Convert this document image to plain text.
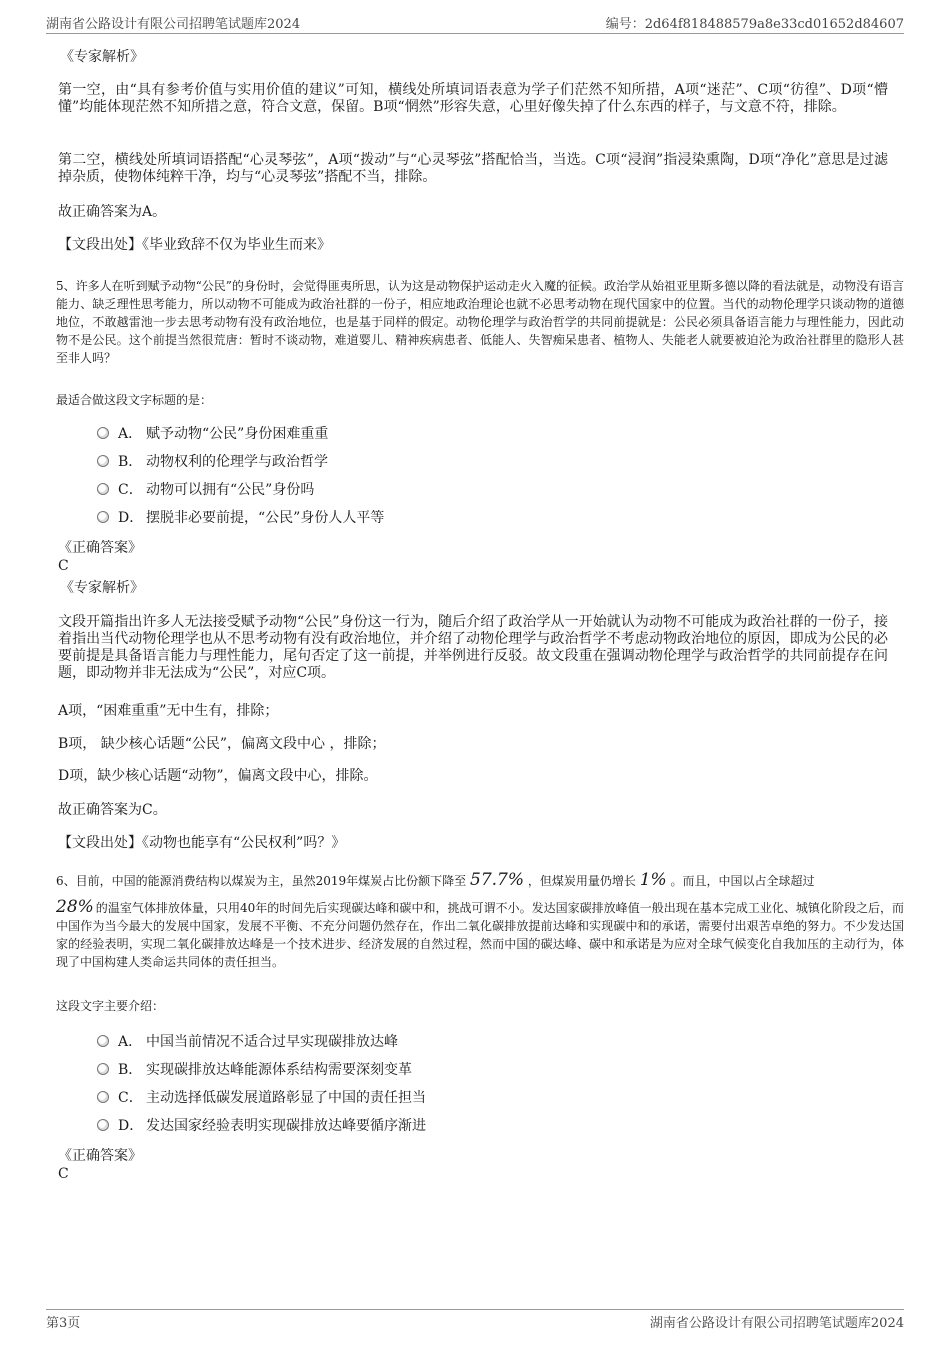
湖南省公路设计有限公司招聘笔试题库2024	编号：2d64f818488579a8e33cd01652d84607
《专家解析》
第一空，由“具有参考价值与实用价值的建议”可知，横线处所填词语表意为学子们茫然不知所措，A项“迷茫”、C项“彷徨”、D项“懵懂”均能体现茫然不知所措之意，符合文意，保留。B项“惘然”形容失意，心里好像失掉了什么东西的样子，与文意不符，排除。
第二空，横线处所填词语搭配“心灵琴弦”，A项“拨动”与“心灵琴弦”搭配恰当，当选。C项“浸润”指浸染熏陶，D项“净化”意思是过滤掉杂质，使物体纯粹干净，均与“心灵琴弦”搭配不当，排除。
故正确答案为A。
【文段出处】《毕业致辞不仅为毕业生而来》
5、许多人在听到赋予动物“公民”的身份时，会觉得匪夷所思，认为这是动物保护运动走火入魔的征候。政治学从始祖亚里斯多德以降的看法就是，动物没有语言能力、缺乏理性思考能力，所以动物不可能成为政治社群的一份子，相应地政治理论也就不必思考动物在现代国家中的位置。当代的动物伦理学只谈动物的道德地位，不敢越雷池一步去思考动物有没有政治地位，也是基于同样的假定。动物伦理学与政治哲学的共同前提就是：公民必须具备语言能力与理性能力，因此动物不是公民。这个前提当然很荒唐：暂时不谈动物，难道婴儿、精神疾病患者、低能人、失智痴呆患者、植物人、失能老人就要被迫沦为政治社群里的隐形人甚至非人吗？
最适合做这段文字标题的是：
A． 赋予动物“公民”身份困难重重
B． 动物权利的伦理学与政治哲学
C． 动物可以拥有“公民”身份吗
D． 摆脱非必要前提，“公民”身份人人平等
《正确答案》
C
《专家解析》
文段开篇指出许多人无法接受赋予动物“公民”身份这一行为，随后介绍了政治学从一开始就认为动物不可能成为政治社群的一份子，接着指出当代动物伦理学也从不思考动物有没有政治地位，并介绍了动物伦理学与政治哲学不考虑动物政治地位的原因，即成为公民的必要前提是具备语言能力与理性能力，尾句否定了这一前提，并举例进行反驳。故文段重在强调动物伦理学与政治哲学的共同前提存在问题，即动物并非无法成为“公民”，对应C项。
A项，“困难重重”无中生有，排除；
B项， 缺少核心话题“公民”，偏离文段中心 ，排除；
D项，缺少核心话题“动物”，偏离文段中心，排除。
故正确答案为C。
【文段出处】《动物也能享有“公民权利”吗？》
6、目前，中国的能源消费结构以煤炭为主，虽然2019年煤炭占比份额下降至 57.7% ，但煤炭用量仍增长 1% 。而且，中国以占全球超过
28% 的温室气体排放体量，只用40年的时间先后实现碳达峰和碳中和，挑战可谓不小。发达国家碳排放峰值一般出现在基本完成工业化、城镇化阶段之后，而中国作为当今最大的发展中国家，发展不平衡、不充分问题仍然存在，作出二氧化碳排放提前达峰和实现碳中和的承诺，需要付出艰苦卓绝的努力。不少发达国家的经验表明，实现二氧化碳排放达峰是一个技术进步、经济发展的自然过程，然而中国的碳达峰、碳中和承诺是为应对全球气候变化自我加压的主动行为，体现了中国构建人类命运共同体的责任担当。
这段文字主要介绍：
A． 中国当前情况不适合过早实现碳排放达峰
B． 实现碳排放达峰能源体系结构需要深刻变革
C． 主动选择低碳发展道路彰显了中国的责任担当
D． 发达国家经验表明实现碳排放达峰要循序渐进
《正确答案》
C
第3页	湖南省公路设计有限公司招聘笔试题库2024
